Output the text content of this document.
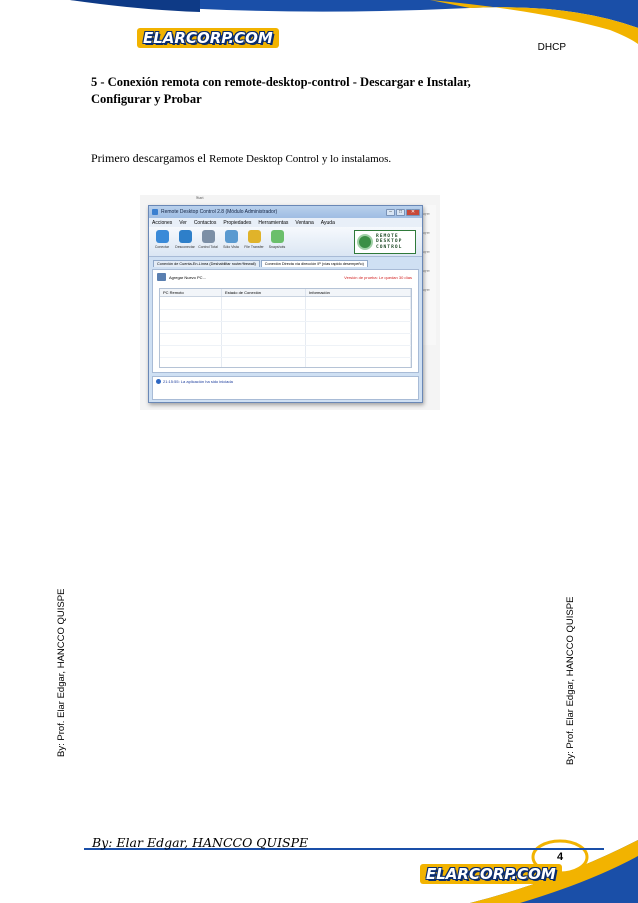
ELARCORP.COM
DHCP
5 - Conexión remota con remote-desktop-control - Descargar e Instalar,
Configurar y Probar
Primero descargamos el Remote Desktop Control y lo instalamos.
Start
ayer
ayer
ayer
ayer
ayer
Remote Desktop Control 2.8 (Módulo Administrador)	–	□	✕
Acciones Ver Contactos Propiedades Herramientas Ventana Ayuda
Conectar Desconectar Control Total Sólo Vista File Transfer Snapshots
REMOTE
DESKTOP
CONTROL
Conexión de Cuenta-En-Línea (Deshabilitar router/firewall)	Conexión Directa vía dirección IP (vías rapido desempeño)
Agregar Nuevo PC...	Versión de prueba: Le quedan 30 días
PC Remoto	Estado de Conexión	Información
21:15:55: La aplicación ha sido iniciada
By: Prof. Elar Edgar, HANCCO QUISPE	By: Prof. Elar Edgar, HANCCO QUISPE
By: Elar Edgar, HANCCO QUISPE
4
ELARCORP.COM
